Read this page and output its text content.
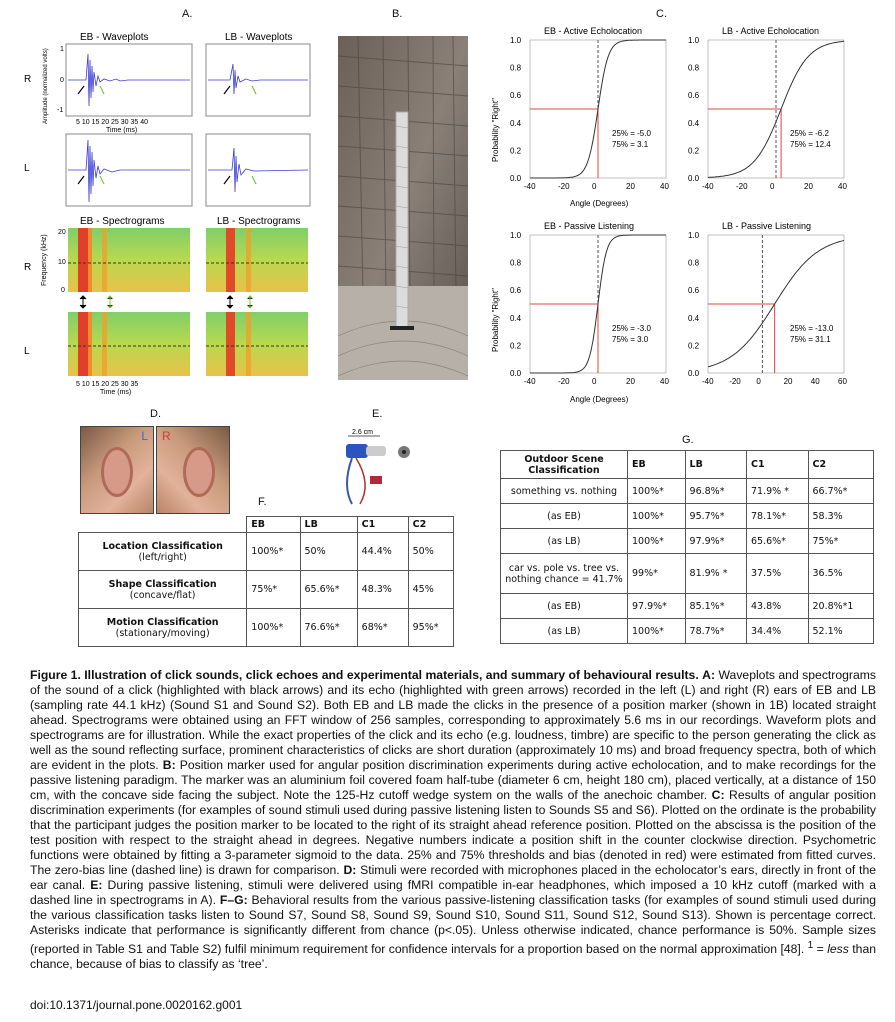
A.	B.	C.
D.	E.
F.
G.
EB - Waveplots	LB - Waveplots
Amplitude (normalized volts) 1
0
-1
R
L
5 10 15 20 25 30 35 40
Time (ms)
EB - Spectrograms	LB - Spectrograms
Frequency (kHz)
20
10
0
R
L
5 10 15 20 25 30 35
Time (ms)
EB - Active Echolocation
0.0
0.2
0.4
0.6
0.8
1.0
-40	-20	0	20	40
25% = -5.0
75% = 3.1
LB - Active Echolocation
0.0
0.2
0.4
0.6
0.8
1.0
-40	-20	0	20	40
25% = -6.2
75% = 12.4
EB - Passive Listening
0.0
0.2
0.4
0.6
0.8
1.0
-40	-20	0	20	40
25% = -3.0
75% = 3.0
LB - Passive Listening
0.0
0.2
0.4
0.6
0.8
1.0
-40 -20 0	20 40 60
25% = -13.0
75% = 31.1
Probability "Right"
Probability "Right"
Angle (Degrees)
Angle (Degrees)
L R	2.6 cm
	EB	LB	C1	C2

Location Classification
(left/right)	100%*	50%	44.4%	50%

Shape Classification
(concave/flat)	75%*	65.6%*	48.3%	45%

Motion Classification
(stationary/moving)	100%*	76.6%*	68%*	95%*
Outdoor Scene Classification	EB	LB	C1	C2
something vs. nothing	100%*	96.8%*	71.9% *	66.7%*
(as EB)	100%*	95.7%*	78.1%*	58.3%
(as LB)	100%*	97.9%*	65.6%*	75%*
car vs. pole vs. tree vs. nothing chance = 41.7%	99%*	81.9% *	37.5%	36.5%
(as EB)	97.9%*	85.1%*	43.8%	20.8%*1
(as LB)	100%*	78.7%*	34.4%	52.1%
Figure 1. Illustration of click sounds, click echoes and experimental materials, and summary of behavioural results. A: Waveplots and spectrograms of the sound of a click (highlighted with black arrows) and its echo (highlighted with green arrows) recorded in the left (L) and right (R) ears of EB and LB (sampling rate 44.1 kHz) (Sound S1 and Sound S2). Both EB and LB made the clicks in the presence of a position marker (shown in 1B) located straight ahead. Spectrograms were obtained using an FFT window of 256 samples, corresponding to approximately 5.6 ms in our recordings. Waveform plots and spectrograms are for illustration. While the exact properties of the click and its echo (e.g. loudness, timbre) are specific to the person generating the click as well as the sound reflecting surface, prominent characteristics of clicks are short duration (approximately 10 ms) and broad frequency spectra, both of which are evident in the plots. B: Position marker used for angular position discrimination experiments during active echolocation, and to make recordings for the passive listening paradigm. The marker was an aluminium foil covered foam half-tube (diameter 6 cm, height 180 cm), placed vertically, at a distance of 150 cm, with the concave side facing the subject. Note the 125-Hz cutoff wedge system on the walls of the anechoic chamber. C: Results of angular position discrimination experiments (for examples of sound stimuli used during passive listening listen to Sounds S5 and S6). Plotted on the ordinate is the probability that the participant judges the position marker to be located to the right of its straight ahead reference position. Plotted on the abscissa is the position of the test position with respect to the straight ahead in degrees. Negative numbers indicate a position shift in the counter clockwise direction. Psychometric functions were obtained by fitting a 3-parameter sigmoid to the data. 25% and 75% thresholds and bias (denoted in red) were estimated from fitted curves. The zero-bias line (dashed line) is drawn for comparison. D: Stimuli were recorded with microphones placed in the echolocator’s ears, directly in front of the ear canal. E: During passive listening, stimuli were delivered using fMRI compatible in-ear headphones, which imposed a 10 kHz cutoff (marked with a dashed line in spectrograms in A). F–G: Behavioral results from the various passive-listening classification tasks (for examples of sound stimuli used during the various classification tasks listen to Sound S7, Sound S8, Sound S9, Sound S10, Sound S11, Sound S12, Sound S13). Shown is percentage correct. Asterisks indicate that performance is significantly different from chance (p<.05). Unless otherwise indicated, chance performance is 50%. Sample sizes (reported in Table S1 and Table S2) fulfil minimum requirement for confidence intervals for a proportion based on the normal approximation [48]. $^1$ = less than chance, because of bias to classify as ‘tree’.
doi:10.1371/journal.pone.0020162.g001
